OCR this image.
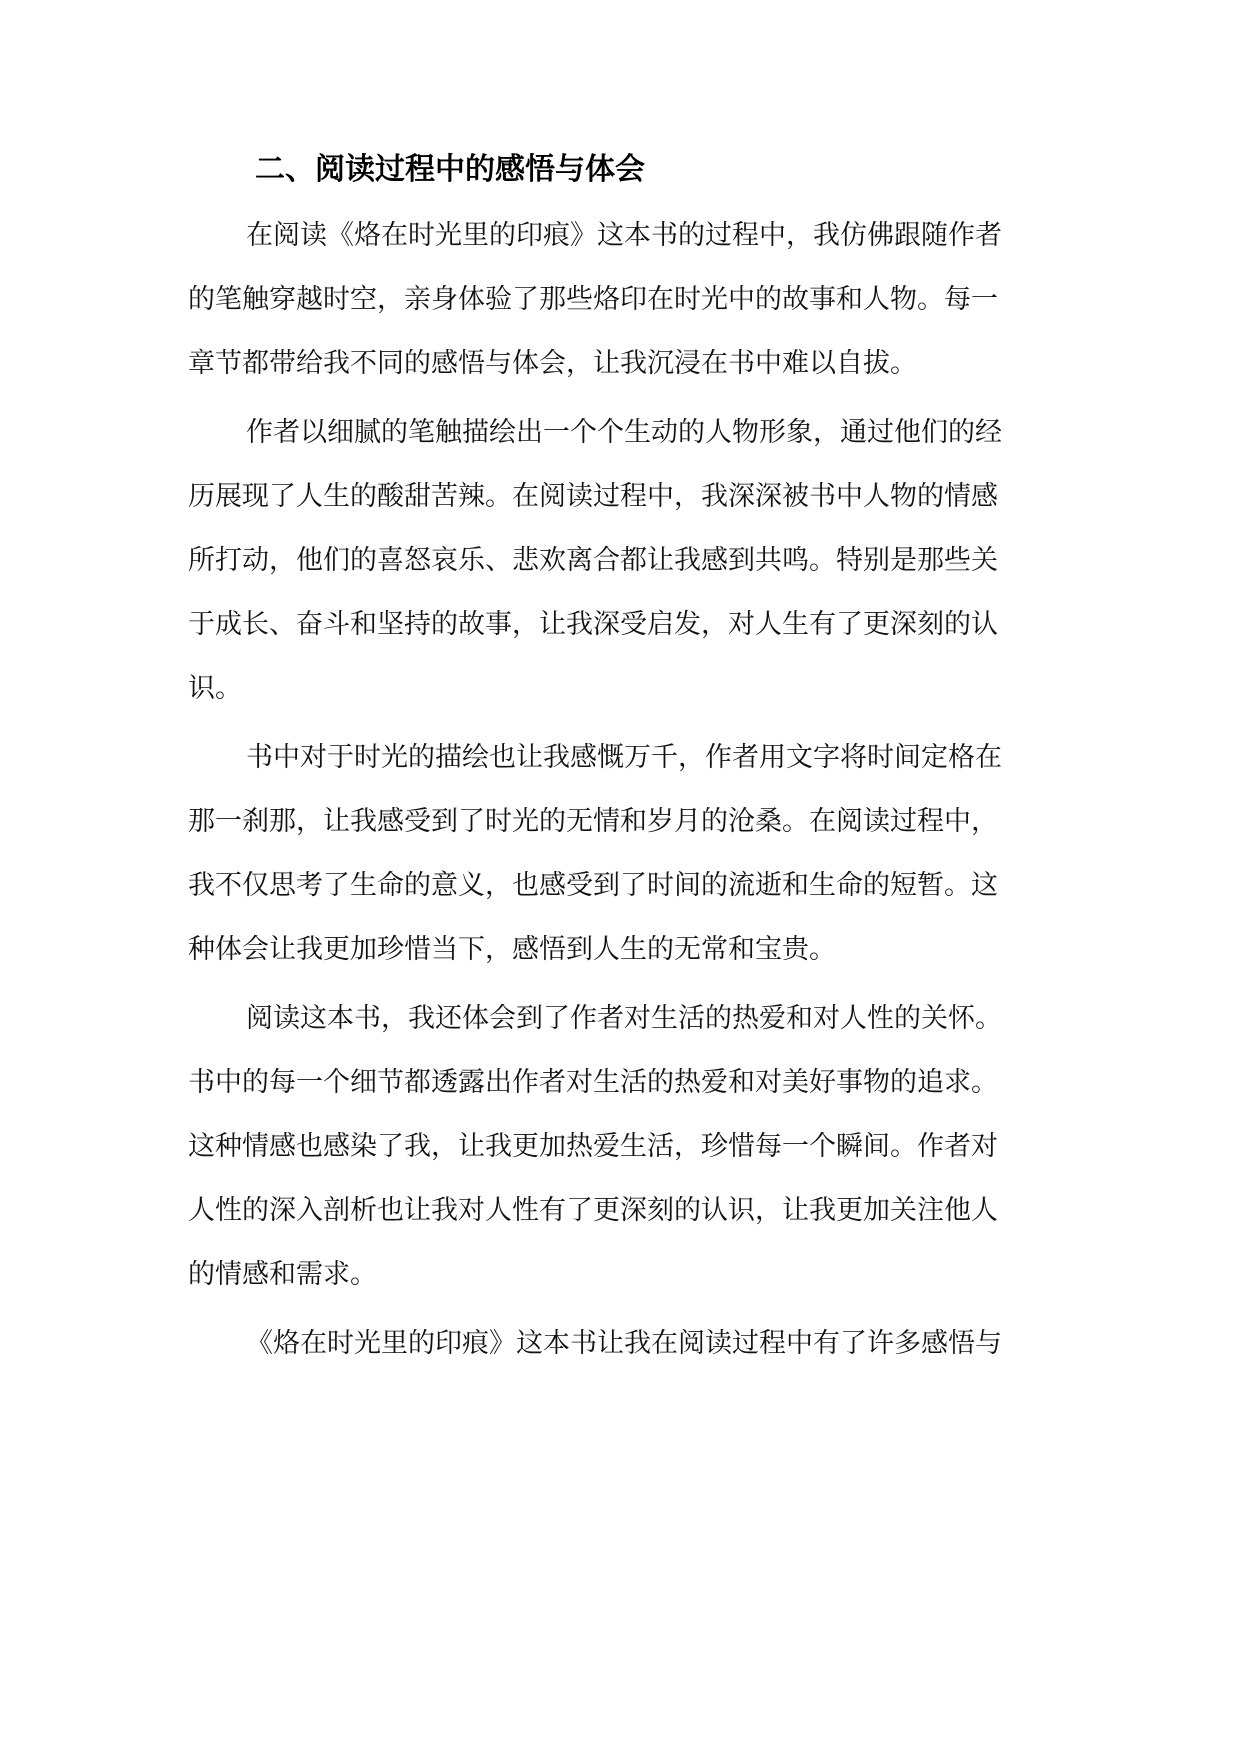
二、阅读过程中的感悟与体会

在阅读《烙在时光里的印痕》这本书的过程中，我仿佛跟随作者

的笔触穿越时空，亲身体验了那些烙印在时光中的故事和人物。每一

章节都带给我不同的感悟与体会，让我沉浸在书中难以自拔。

作者以细腻的笔触描绘出一个个生动的人物形象，通过他们的经

历展现了人生的酸甜苦辣。在阅读过程中，我深深被书中人物的情感

所打动，他们的喜怒哀乐、悲欢离合都让我感到共鸣。特别是那些关

于成长、奋斗和坚持的故事，让我深受启发，对人生有了更深刻的认

识。

书中对于时光的描绘也让我感慨万千，作者用文字将时间定格在

那一刹那，让我感受到了时光的无情和岁月的沧桑。在阅读过程中，

我不仅思考了生命的意义，也感受到了时间的流逝和生命的短暂。这

种体会让我更加珍惜当下，感悟到人生的无常和宝贵。

阅读这本书，我还体会到了作者对生活的热爱和对人性的关怀。

书中的每一个细节都透露出作者对生活的热爱和对美好事物的追求。

这种情感也感染了我，让我更加热爱生活，珍惜每一个瞬间。作者对

人性的深入剖析也让我对人性有了更深刻的认识，让我更加关注他人

的情感和需求。

《烙在时光里的印痕》这本书让我在阅读过程中有了许多感悟与
